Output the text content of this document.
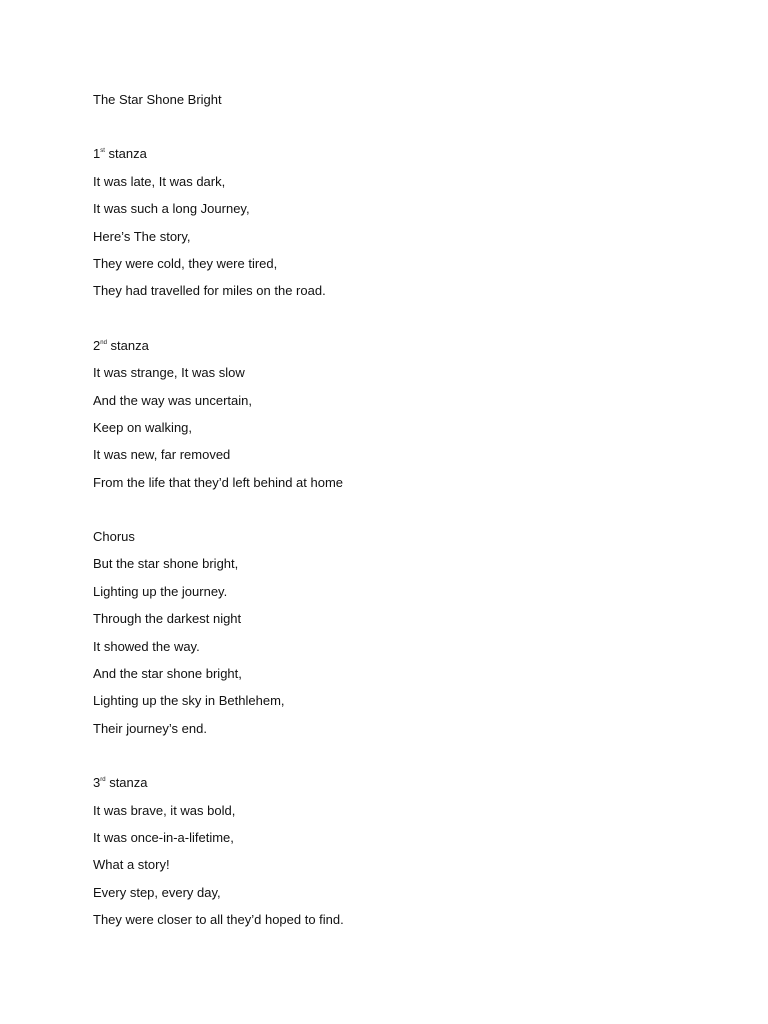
The Star Shone Bright
1st stanza
It was late, It was dark,
It was such a long Journey,
Here’s The story,
They were cold, they were tired,
They had travelled for miles on the road.
2nd stanza
It was strange, It was slow
And the way was uncertain,
Keep on walking,
It was new, far removed
From the life that they’d left behind at home
Chorus
But the star shone bright,
Lighting up the journey.
Through the darkest night
It showed the way.
And the star shone bright,
Lighting up the sky in Bethlehem,
Their journey’s end.
3rd stanza
It was brave, it was bold,
It was once-in-a-lifetime,
What a story!
Every step, every day,
They were closer to all they’d hoped to find.
